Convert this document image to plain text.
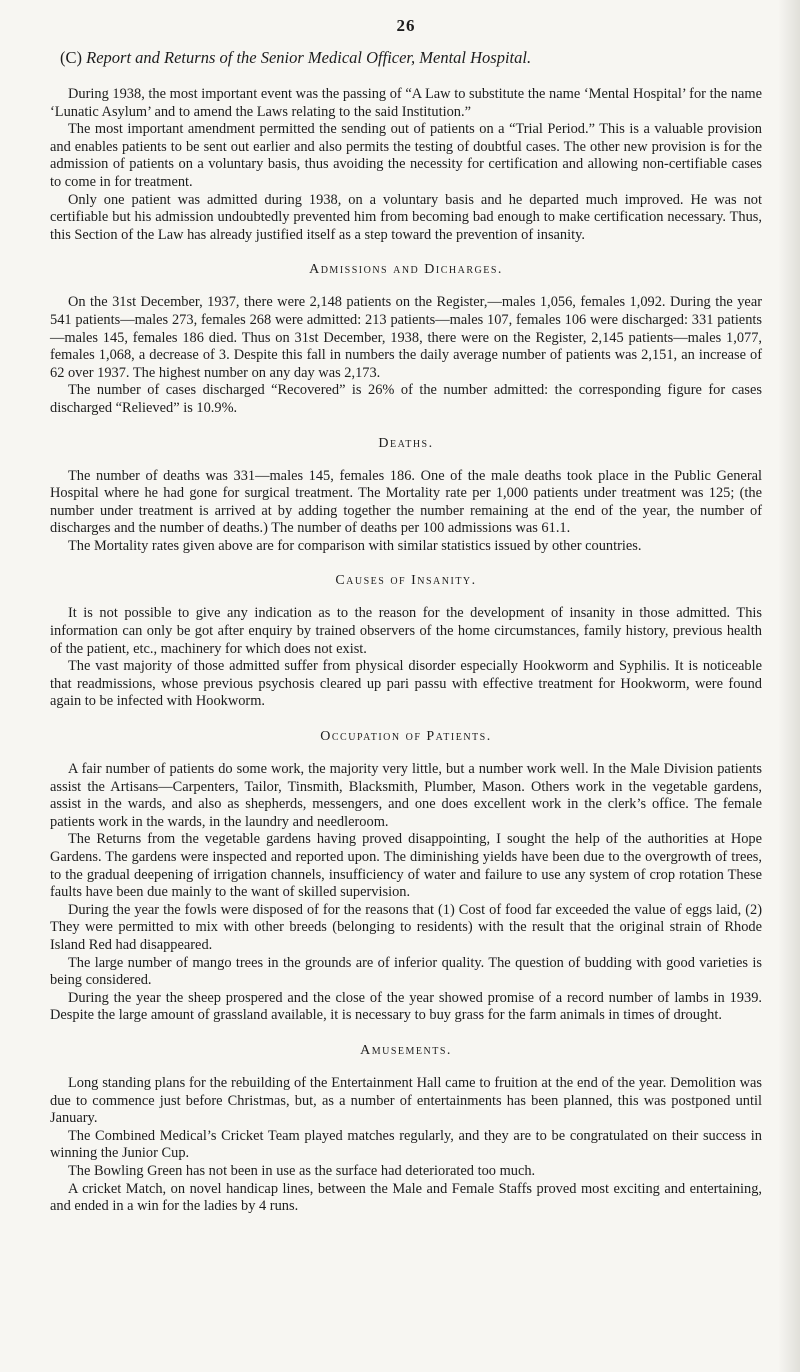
26
(C) Report and Returns of the Senior Medical Officer, Mental Hospital.

During 1938, the most important event was the passing of “A Law to substitute the name ‘Mental Hospital’ for the name ‘Lunatic Asylum’ and to amend the Laws relating to the said Institution.”

The most important amendment permitted the sending out of patients on a “Trial Period.” This is a valuable provision and enables patients to be sent out earlier and also permits the testing of doubtful cases. The other new provision is for the admission of patients on a voluntary basis, thus avoiding the necessity for certification and allowing non-certifiable cases to come in for treatment.

Only one patient was admitted during 1938, on a voluntary basis and he departed much improved. He was not certifiable but his admission undoubtedly prevented him from becoming bad enough to make certification necessary. Thus, this Section of the Law has already justified itself as a step toward the prevention of insanity.

Admissions and Dicharges.

On the 31st December, 1937, there were 2,148 patients on the Register,—males 1,056, females 1,092. During the year 541 patients—males 273, females 268 were admitted: 213 patients—males 107, females 106 were discharged: 331 patients—males 145, females 186 died. Thus on 31st December, 1938, there were on the Register, 2,145 patients—males 1,077, females 1,068, a decrease of 3. Despite this fall in numbers the daily average number of patients was 2,151, an increase of 62 over 1937. The highest number on any day was 2,173.

The number of cases discharged “Recovered” is 26% of the number admitted: the corresponding figure for cases discharged “Relieved” is 10.9%.

Deaths.

The number of deaths was 331—males 145, females 186. One of the male deaths took place in the Public General Hospital where he had gone for surgical treatment. The Mortality rate per 1,000 patients under treatment was 125; (the number under treatment is arrived at by adding together the number remaining at the end of the year, the number of discharges and the number of deaths.) The number of deaths per 100 admissions was 61.1.

The Mortality rates given above are for comparison with similar statistics issued by other countries.

Causes of Insanity.

It is not possible to give any indication as to the reason for the development of insanity in those admitted. This information can only be got after enquiry by trained observers of the home circumstances, family history, previous health of the patient, etc., machinery for which does not exist.

The vast majority of those admitted suffer from physical disorder especially Hookworm and Syphilis. It is noticeable that readmissions, whose previous psychosis cleared up pari passu with effective treatment for Hookworm, were found again to be infected with Hookworm.

Occupation of Patients.

A fair number of patients do some work, the majority very little, but a number work well. In the Male Division patients assist the Artisans—Carpenters, Tailor, Tinsmith, Blacksmith, Plumber, Mason. Others work in the vegetable gardens, assist in the wards, and also as shepherds, messengers, and one does excellent work in the clerk’s office. The female patients work in the wards, in the laundry and needleroom.

The Returns from the vegetable gardens having proved disappointing, I sought the help of the authorities at Hope Gardens. The gardens were inspected and reported upon. The diminishing yields have been due to the overgrowth of trees, to the gradual deepening of irrigation channels, insufficiency of water and failure to use any system of crop rotation These faults have been due mainly to the want of skilled supervision.

During the year the fowls were disposed of for the reasons that (1) Cost of food far exceeded the value of eggs laid, (2) They were permitted to mix with other breeds (belonging to residents) with the result that the original strain of Rhode Island Red had disappeared.

The large number of mango trees in the grounds are of inferior quality. The question of budding with good varieties is being considered.

During the year the sheep prospered and the close of the year showed promise of a record number of lambs in 1939. Despite the large amount of grassland available, it is necessary to buy grass for the farm animals in times of drought.

Amusements.

Long standing plans for the rebuilding of the Entertainment Hall came to fruition at the end of the year. Demolition was due to commence just before Christmas, but, as a number of entertainments has been planned, this was postponed until January.

The Combined Medical’s Cricket Team played matches regularly, and they are to be congratulated on their success in winning the Junior Cup.

The Bowling Green has not been in use as the surface had deteriorated too much.

A cricket Match, on novel handicap lines, between the Male and Female Staffs proved most exciting and entertaining, and ended in a win for the ladies by 4 runs.
